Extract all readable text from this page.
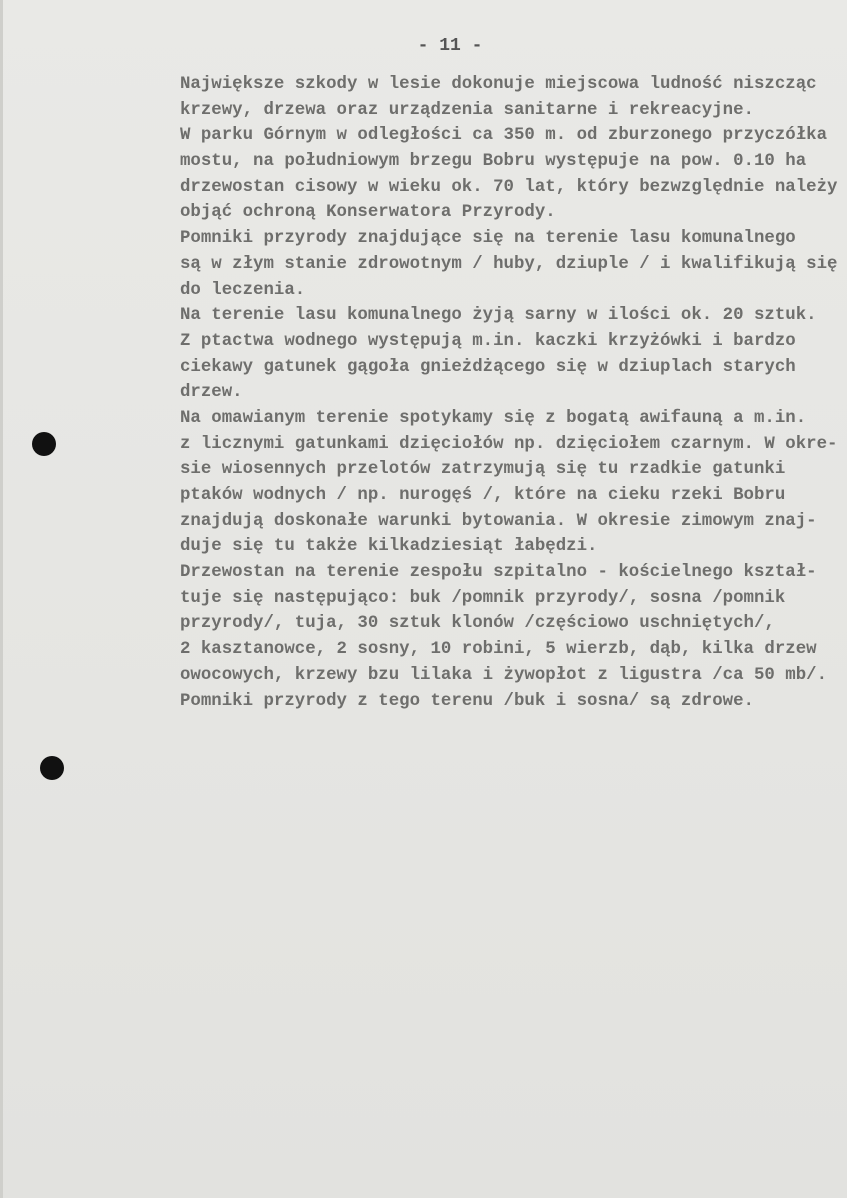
- 11 -
Największe szkody w lesie dokonuje miejscowa ludność niszcząc
krzewy, drzewa oraz urządzenia sanitarne i rekreacyjne.
W parku Górnym w odległości ca 350 m. od zburzonego przyczółka
mostu, na południowym brzegu Bobru występuje na pow. 0.10 ha
drzewostan cisowy w wieku ok. 70 lat, który bezwzględnie należy
objąć ochroną Konserwatora Przyrody.
Pomniki przyrody znajdujące się na terenie lasu komunalnego
są w złym stanie zdrowotnym / huby, dziuple / i kwalifikują się
do leczenia.
Na terenie lasu komunalnego żyją sarny w ilości ok. 20 sztuk.
Z ptactwa wodnego występują m.in. kaczki krzyżówki i bardzo
ciekawy gatunek gągoła gnieżdżącego się w dziuplach starych
drzew.
Na omawianym terenie spotykamy się z bogatą awifauną a m.in.
z licznymi gatunkami dzięciołów np. dzięciołem czarnym. W okre-
sie wiosennych przelotów zatrzymują się tu rzadkie gatunki
ptaków wodnych / np. nurogęś /, które na cieku rzeki Bobru
znajdują doskonałe warunki bytowania. W okresie zimowym znaj-
duje się tu także kilkadziesiąt łabędzi.
Drzewostan na terenie zespołu szpitalno - kościelnego kształ-
tuje się następująco: buk /pomnik przyrody/, sosna /pomnik
przyrody/, tuja, 30 sztuk klonów /częściowo uschniętych/,
2 kasztanowce, 2 sosny, 10 robini, 5 wierzb, dąb, kilka drzew
owocowych, krzewy bzu lilaka i żywopłot z ligustra /ca 50 mb/.
Pomniki przyrody z tego terenu /buk i sosna/ są zdrowe.
